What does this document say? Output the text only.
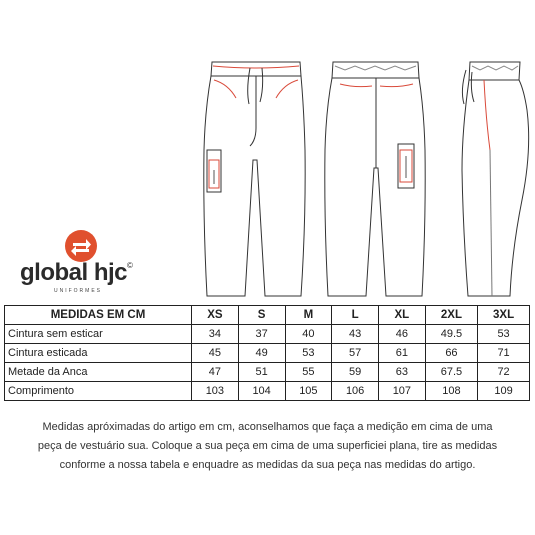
global hjc©
UNIFORMES
MEDIDAS EM CM	XS	S	M	L	XL	2XL	3XL
Cintura sem esticar	34	37	40	43	46	49.5	53
Cintura esticada	45	49	53	57	61	66	71
Metade da Anca	47	51	55	59	63	67.5	72
Comprimento	103	104	105	106	107	108	109
Medidas apróximadas do artigo em cm, aconselhamos que faça a medição em cima de uma
peça de vestuário sua. Coloque a sua peça em cima de uma superficiei plana, tire as medidas
conforme a nossa tabela e enquadre as medidas da sua peça nas medidas do artigo.
